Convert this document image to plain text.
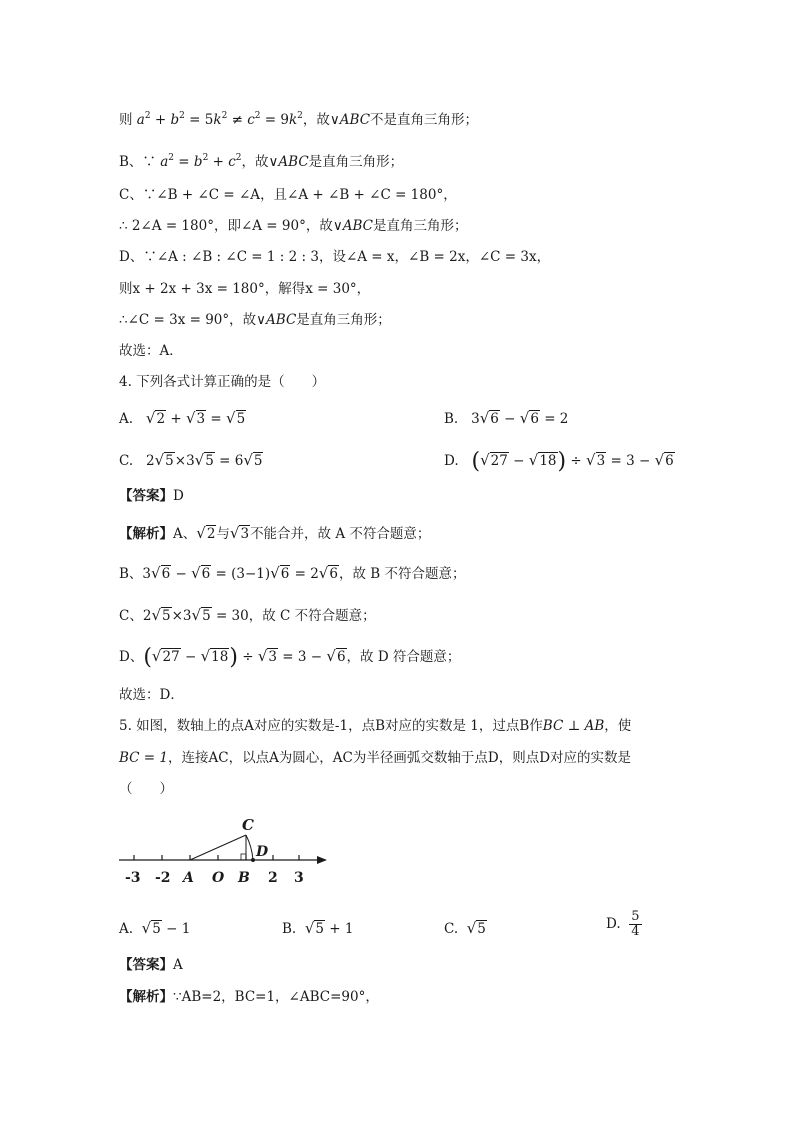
则 $a^2 + b^2 = 5k^2 \ne c^2 = 9k^2$，故∨ABC不是直角三角形；
B、∵ $a^2 = b^2 + c^2$，故∨ABC是直角三角形；
C、∵∠B + ∠C = ∠A，且∠A + ∠B + ∠C = 180°，
∴ 2∠A = 180°，即∠A = 90°，故∨ABC是直角三角形；
D、∵∠A : ∠B : ∠C = 1 : 2 : 3，设∠A = x，∠B = 2x，∠C = 3x，
则x + 2x + 3x = 180°，解得x = 30°，
∴∠C = 3x = 90°，故∨ABC是直角三角形；
故选：A．
4. 下列各式计算正确的是（　　）
A. √2 + √3 = √5	B.   3√6 − √6 = 2
C.   2√5×3√5 = 6√5	D. (√27 − √18) ÷ √3 = 3 − √6
【答案】D
【解析】A、√2与√3不能合并，故 A 不符合题意；
B、3√6 − √6 = (3−1)√6 = 2√6，故 B 不符合题意；
C、2√5×3√5 = 30，故 C 不符合题意；
D、(√27 − √18) ÷ √3 = 3 − √6，故 D 符合题意；
故选：D．
5. 如图，数轴上的点A对应的实数是-1，点B对应的实数是 1，过点B作BC ⊥ AB，使
BC = 1，连接AC，以点A为圆心，AC为半径画弧交数轴于点D，则点D对应的实数是
（　　）
C
D
-3 -2 A O B 2 3
A. √5 − 1	B. √5 + 1	C. √5	D. $\frac{5}{4}$
【答案】A
【解析】∵AB=2，BC=1，∠ABC=90°，
